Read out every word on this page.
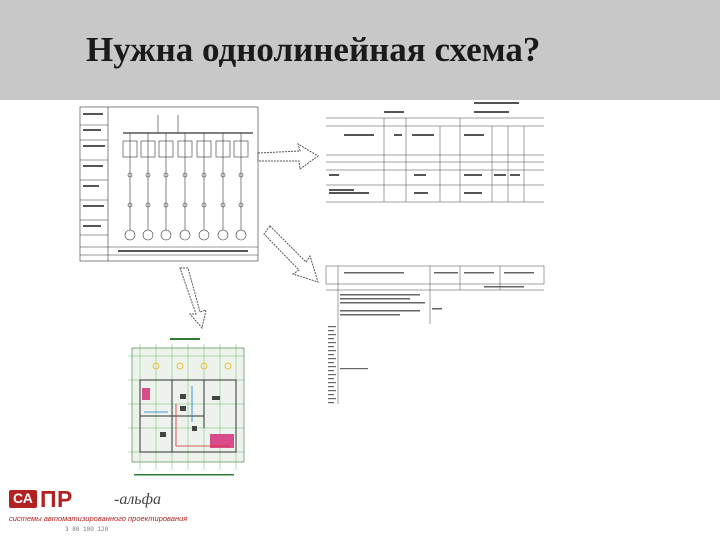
Нужна однолинейная схема?
СА ПР	-альфа
системы автоматизированного проектирования
3 80 100 120
